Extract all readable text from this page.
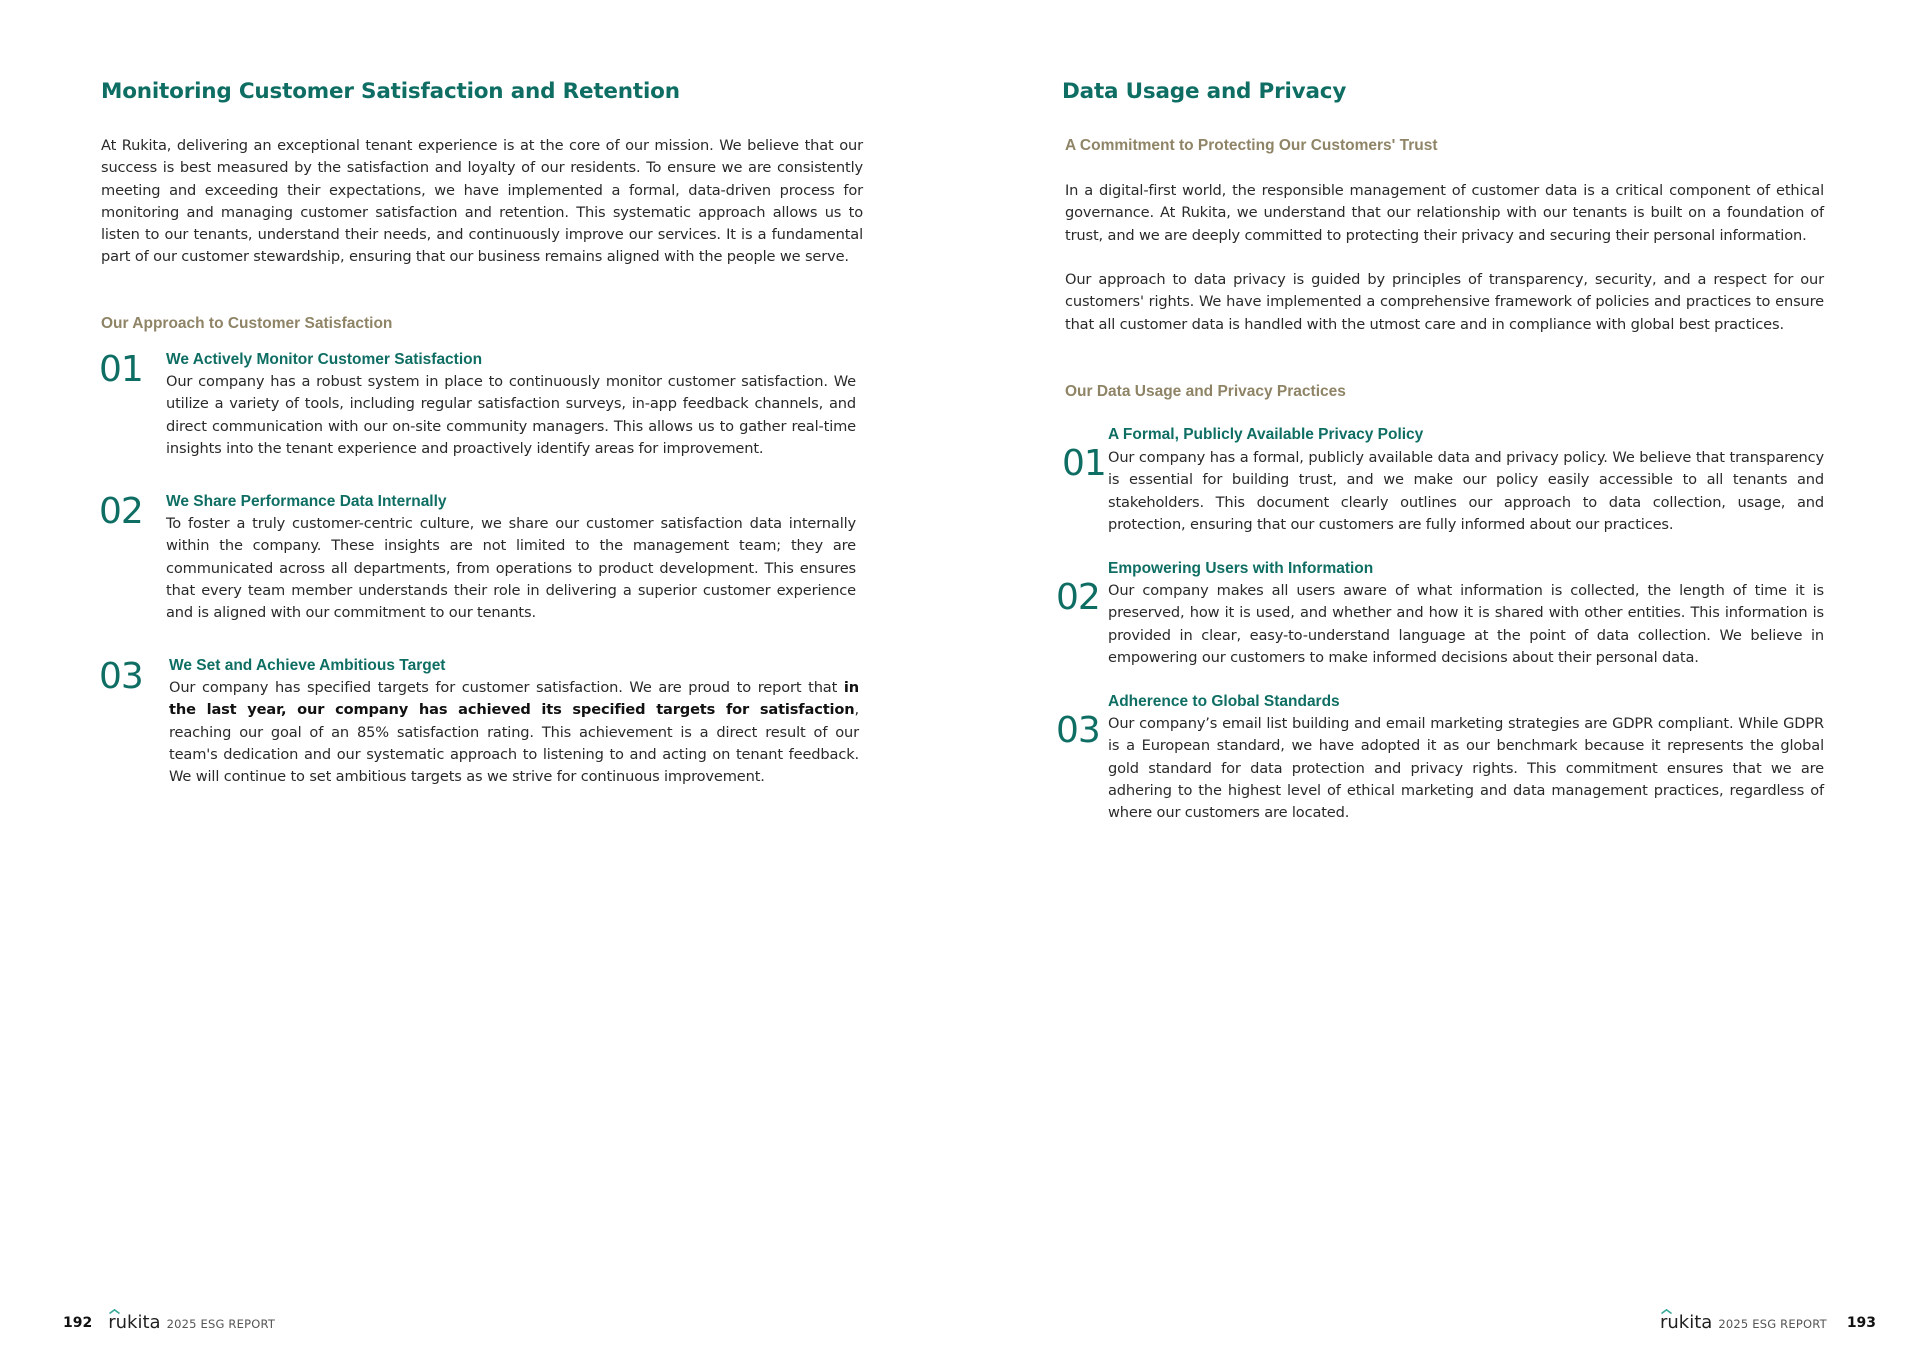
Monitoring Customer Satisfaction and Retention
At Rukita, delivering an exceptional tenant experience is at the core of our mission. We believe that our success is best measured by the satisfaction and loyalty of our residents. To ensure we are consistently meeting and exceeding their expectations, we have implemented a formal, data-driven process for monitoring and managing customer satisfaction and retention. This systematic approach allows us to listen to our tenants, understand their needs, and continuously improve our services. It is a fundamental part of our customer stewardship, ensuring that our business remains aligned with the people we serve.
Our Approach to Customer Satisfaction
01 We Actively Monitor Customer Satisfaction
Our company has a robust system in place to continuously monitor customer satisfaction. We utilize a variety of tools, including regular satisfaction surveys, in-app feedback channels, and direct communication with our on-site community managers. This allows us to gather real-time insights into the tenant experience and proactively identify areas for improvement.
02 We Share Performance Data Internally
To foster a truly customer-centric culture, we share our customer satisfaction data internally within the company. These insights are not limited to the management team; they are communicated across all departments, from operations to product development. This ensures that every team member understands their role in delivering a superior customer experience and is aligned with our commitment to our tenants.
03 We Set and Achieve Ambitious Target
Our company has specified targets for customer satisfaction. We are proud to report that in the last year, our company has achieved its specified targets for satisfaction, reaching our goal of an 85% satisfaction rating. This achievement is a direct result of our team's dedication and our systematic approach to listening to and acting on tenant feedback. We will continue to set ambitious targets as we strive for continuous improvement.
192 rukita 2025 ESG REPORT
Data Usage and Privacy
A Commitment to Protecting Our Customers' Trust
In a digital-first world, the responsible management of customer data is a critical component of ethical governance. At Rukita, we understand that our relationship with our tenants is built on a foundation of trust, and we are deeply committed to protecting their privacy and securing their personal information.
Our approach to data privacy is guided by principles of transparency, security, and a respect for our customers' rights. We have implemented a comprehensive framework of policies and practices to ensure that all customer data is handled with the utmost care and in compliance with global best practices.
Our Data Usage and Privacy Practices
01
A Formal, Publicly Available Privacy Policy
Our company has a formal, publicly available data and privacy policy. We believe that transparency is essential for building trust, and we make our policy easily accessible to all tenants and stakeholders. This document clearly outlines our approach to data collection, usage, and protection, ensuring that our customers are fully informed about our practices.
02
Empowering Users with Information
Our company makes all users aware of what information is collected, the length of time it is preserved, how it is used, and whether and how it is shared with other entities. This information is provided in clear, easy-to-understand language at the point of data collection. We believe in empowering our customers to make informed decisions about their personal data.
03
Adherence to Global Standards
Our company’s email list building and email marketing strategies are GDPR compliant. While GDPR is a European standard, we have adopted it as our benchmark because it represents the global gold standard for data protection and privacy rights. This commitment ensures that we are adhering to the highest level of ethical marketing and data management practices, regardless of where our customers are located.
rukita 2025 ESG REPORT 193
